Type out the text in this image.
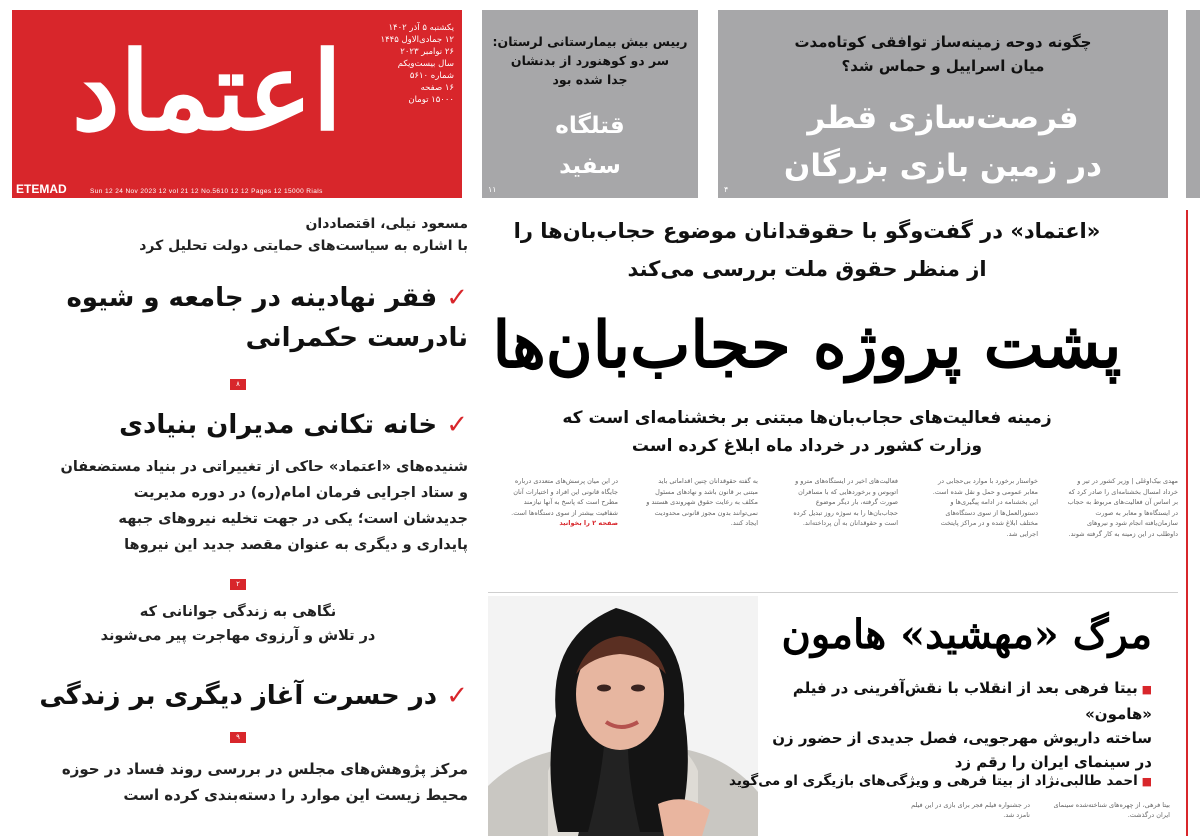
اعتماد
یکشنبه ۵ آذر ۱۴۰۲
۱۲ جمادی‌الاول ۱۴۴۵
۲۶ نوامبر ۲۰۲۳
سال بیست‌و‌یکم
شماره ۵۶۱۰
۱۶ صفحه
۱۵۰۰۰ تومان
ETEMAD	Sun 12 24 Nov 2023 12 vol 21 12 No.5610 12 12 Pages 12 15000 Rials
رییس بیش بیمارستانی لرستان:
سر دو کوهنورد از بدنشان
جدا شده بود
قتلگاه
سفید
۱۱
چگونه دوحه زمینه‌ساز توافقی کوتاه‌مدت
میان اسراییل و حماس شد؟
فرصت‌سازی قطر
در زمین بازی بزرگان
۴
مسعود نیلی، اقتصاددان
با اشاره به سیاست‌های حمایتی دولت تحلیل کرد
✓ فقر نهادینه در جامعه و شیوه
نادرست حکمرانی
۸
✓ خانه تکانی مدیران بنیادی
شنیده‌های «اعتماد» حاکی از تغییراتی در بنیاد مستضعفان
و ستاد اجرایی فرمان امام(ره) در دوره مدیریت
جدیدشان است؛ یکی در جهت تخلیه نیروهای جبهه
پایداری و دیگری به عنوان مقصد جدید این نیروها
۲
نگاهی به زندگی جوانانی که
در تلاش و آرزوی مهاجرت پیر می‌شوند
✓ در حسرت آغاز دیگری بر زندگی
۹
مرکز پژوهش‌های مجلس در بررسی روند فساد در حوزه
محیط زیست این موارد را دسته‌بندی کرده است
«اعتماد» در گفت‌وگو با حقوقدانان موضوع حجاب‌بان‌ها را
از منظر حقوق ملت بررسی می‌کند
پشت پروژه حجاب‌بان‌ها
زمینه فعالیت‌های حجاب‌بان‌ها مبتنی بر بخشنامه‌ای است که
وزارت کشور در خرداد ماه ابلاغ کرده است
مهدی بیک‌اوغلی | وزیر کشور در تیر و خرداد امسال بخشنامه‌ای را صادر کرد که بر اساس آن فعالیت‌های مربوط به حجاب در ایستگاه‌ها و معابر به صورت سازمان‌یافته انجام شود و نیروهای داوطلب در این زمینه به کار گرفته شوند.
خواستار برخورد با موارد بی‌حجابی در معابر عمومی و حمل و نقل شده است. این بخشنامه در ادامه پیگیری‌ها و دستورالعمل‌ها از سوی دستگاه‌های مختلف ابلاغ شده و در مراکز پایتخت اجرایی شد.
فعالیت‌های اخیر در ایستگاه‌های مترو و اتوبوس و برخوردهایی که با مسافران صورت گرفته، بار دیگر موضوع حجاب‌بان‌ها را به سوژه روز تبدیل کرده است و حقوقدانان به آن پرداخته‌اند.
به گفته حقوقدانان چنین اقداماتی باید مبتنی بر قانون باشد و نهادهای مسئول مکلف به رعایت حقوق شهروندی هستند و نمی‌توانند بدون مجوز قانونی محدودیت ایجاد کنند.
در این میان پرسش‌های متعددی درباره جایگاه قانونی این افراد و اختیارات آنان مطرح است که پاسخ به آنها نیازمند شفافیت بیشتر از سوی دستگاه‌ها است.
صفحه ۲ را بخوانید
مرگ «مهشید» هامون
■ بیتا فرهی بعد از انقلاب با نقش‌آفرینی در فیلم «هامون»
ساخته داریوش مهرجویی، فصل جدیدی از حضور زن
در سینمای ایران را رقم زد
■ احمد طالبی‌نژاد از بیتا فرهی و ویژگی‌های بازیگری او می‌گوید
بیتا فرهی، از چهره‌های شناخته‌شده سینمای ایران درگذشت.
در جشنواره فیلم فجر برای بازی در این فیلم نامزد شد.
